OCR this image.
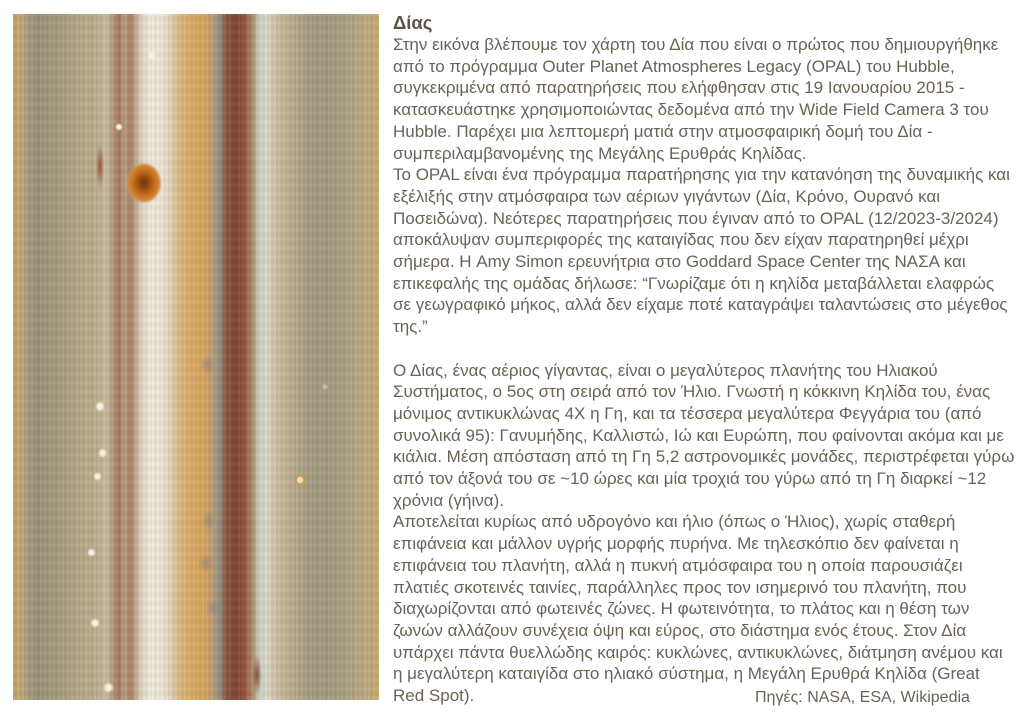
Δίας

Στην εικόνα βλέπουμε τον χάρτη του Δία που είναι ο πρώτος που δημιουργήθηκε από το πρόγραμμα Outer Planet Atmospheres Legacy (OPAL) του Hubble, συγκεκριμένα από παρατηρήσεις που ελήφθησαν στις 19 Ιανουαρίου 2015 - κατασκευάστηκε χρησιμοποιώντας δεδομένα από την Wide Field Camera 3 του Hubble. Παρέχει μια λεπτομερή ματιά στην ατμοσφαιρική δομή του Δία - συμπεριλαμβανομένης της Μεγάλης Ερυθράς Κηλίδας.

Το OPAL είναι ένα πρόγραμμα παρατήρησης για την κατανόηση της δυναμικής και εξέλιξής στην ατμόσφαιρα των αέριων γιγάντων (Δία, Κρόνο, Ουρανό και Ποσειδώνα). Νεότερες παρατηρήσεις που έγιναν από το OPAL (12/2023-3/2024) αποκάλυψαν συμπεριφορές της καταιγίδας που δεν είχαν παρατηρηθεί μέχρι σήμερα. Η Amy Simon ερευνήτρια στο Goddard Space Center της ΝΑΣΑ και επικεφαλής της ομάδας δήλωσε: “Γνωρίζαμε ότι η κηλίδα μεταβάλλεται ελαφρώς σε γεωγραφικό μήκος, αλλά δεν είχαμε ποτέ καταγράψει ταλαντώσεις στο μέγεθος της.”

Ο Δίας, ένας αέριος γίγαντας, είναι ο μεγαλύτερος πλανήτης του Ηλιακού Συστήματος, ο 5ος στη σειρά από τον Ήλιο. Γνωστή η κόκκινη Κηλίδα του, ένας μόνιμος αντικυκλώνας 4X η Γη, και τα τέσσερα μεγαλύτερα Φεγγάρια του (από συνολικά 95): Γανυμήδης, Καλλιστώ, Ιώ και Ευρώπη, που φαίνονται ακόμα και με κιάλια. Μέση απόσταση από τη Γη 5,2 αστρονομικές μονάδες, περιστρέφεται γύρω από τον άξονά του σε ~10 ώρες και μία τροχιά του γύρω από τη Γη διαρκεί ~12 χρόνια (γήινα).

Αποτελείται κυρίως από υδρογόνο και ήλιο (όπως ο Ήλιος), χωρίς σταθερή επιφάνεια και μάλλον υγρής μορφής πυρήνα. Με τηλεσκόπιο δεν φαίνεται η επιφάνεια του πλανήτη, αλλά η πυκνή ατμόσφαιρα του η οποία παρουσιάζει πλατιές σκοτεινές ταινίες, παράλληλες προς τον ισημερινό του πλανήτη, που διαχωρίζονται από φωτεινές ζώνες. Η φωτεινότητα, το πλάτος και η θέση των ζωνών αλλάζουν συνέχεια όψη και εύρος, στο διάστημα ενός έτους. Στον Δία υπάρχει πάντα θυελλώδης καιρός: κυκλώνες, αντικυκλώνες, διάτμηση ανέμου και η μεγαλύτερη καταιγίδα στο ηλιακό σύστημα, η Μεγάλη Ερυθρά Κηλίδα (Great Red Spot).	Πηγές: NASA, ESA, Wikipedia
